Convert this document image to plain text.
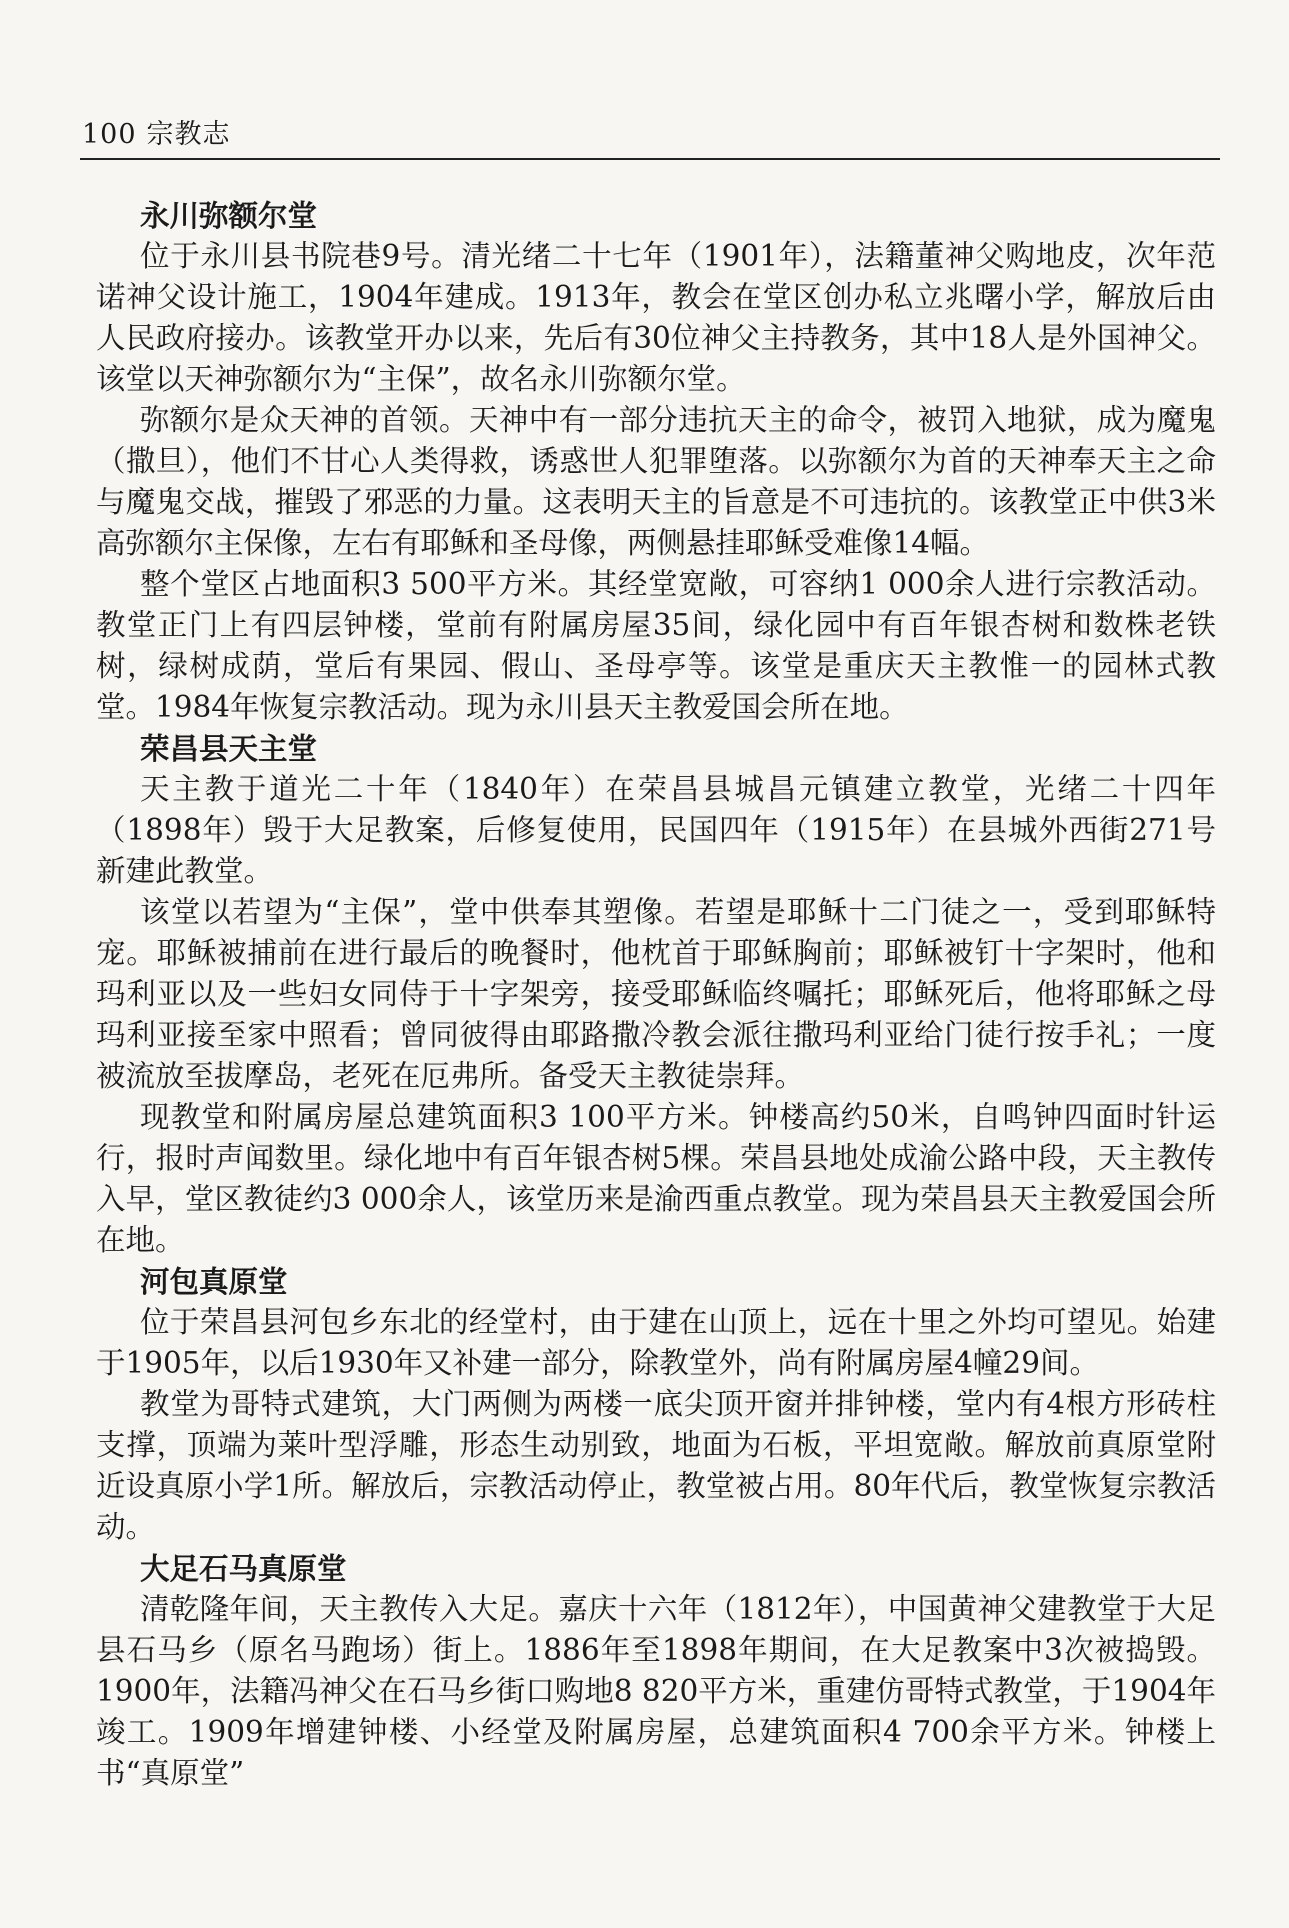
100 宗教志
永川弥额尔堂

位于永川县书院巷9号。清光绪二十七年（1901年），法籍董神父购地皮，次年范诺神父设计施工，1904年建成。1913年，教会在堂区创办私立兆曙小学，解放后由人民政府接办。该教堂开办以来，先后有30位神父主持教务，其中18人是外国神父。该堂以天神弥额尔为“主保”，故名永川弥额尔堂。

弥额尔是众天神的首领。天神中有一部分违抗天主的命令，被罚入地狱，成为魔鬼（撒旦），他们不甘心人类得救，诱惑世人犯罪堕落。以弥额尔为首的天神奉天主之命与魔鬼交战，摧毁了邪恶的力量。这表明天主的旨意是不可违抗的。该教堂正中供3米高弥额尔主保像，左右有耶稣和圣母像，两侧悬挂耶稣受难像14幅。

整个堂区占地面积3 500平方米。其经堂宽敞，可容纳1 000余人进行宗教活动。教堂正门上有四层钟楼，堂前有附属房屋35间，绿化园中有百年银杏树和数株老铁树，绿树成荫，堂后有果园、假山、圣母亭等。该堂是重庆天主教惟一的园林式教堂。1984年恢复宗教活动。现为永川县天主教爱国会所在地。

荣昌县天主堂

天主教于道光二十年（1840年）在荣昌县城昌元镇建立教堂，光绪二十四年（1898年）毁于大足教案，后修复使用，民国四年（1915年）在县城外西街271号新建此教堂。

该堂以若望为“主保”，堂中供奉其塑像。若望是耶稣十二门徒之一，受到耶稣特宠。耶稣被捕前在进行最后的晚餐时，他枕首于耶稣胸前；耶稣被钉十字架时，他和玛利亚以及一些妇女同侍于十字架旁，接受耶稣临终嘱托；耶稣死后，他将耶稣之母玛利亚接至家中照看；曾同彼得由耶路撒冷教会派往撒玛利亚给门徒行按手礼；一度被流放至拔摩岛，老死在厄弗所。备受天主教徒崇拜。

现教堂和附属房屋总建筑面积3 100平方米。钟楼高约50米，自鸣钟四面时针运行，报时声闻数里。绿化地中有百年银杏树5棵。荣昌县地处成渝公路中段，天主教传入早，堂区教徒约3 000余人，该堂历来是渝西重点教堂。现为荣昌县天主教爱国会所在地。

河包真原堂

位于荣昌县河包乡东北的经堂村，由于建在山顶上，远在十里之外均可望见。始建于1905年，以后1930年又补建一部分，除教堂外，尚有附属房屋4幢29间。

教堂为哥特式建筑，大门两侧为两楼一底尖顶开窗并排钟楼，堂内有4根方形砖柱支撑，顶端为莱叶型浮雕，形态生动别致，地面为石板，平坦宽敞。解放前真原堂附近设真原小学1所。解放后，宗教活动停止，教堂被占用。80年代后，教堂恢复宗教活动。

大足石马真原堂

清乾隆年间，天主教传入大足。嘉庆十六年（1812年），中国黄神父建教堂于大足县石马乡（原名马跑场）街上。1886年至1898年期间，在大足教案中3次被捣毁。1900年，法籍冯神父在石马乡街口购地8 820平方米，重建仿哥特式教堂，于1904年竣工。1909年增建钟楼、小经堂及附属房屋，总建筑面积4 700余平方米。钟楼上书“真原堂”
